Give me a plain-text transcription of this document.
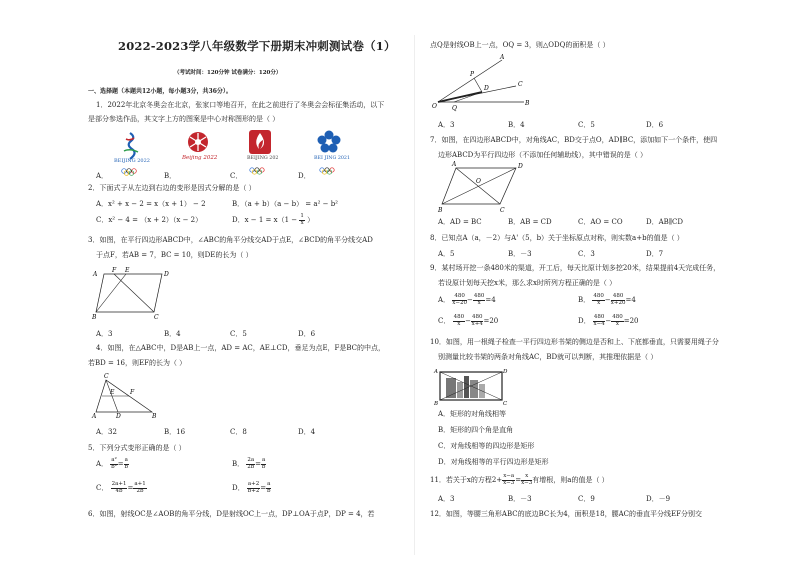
2022-2023学八年级数学下册期末冲刺测试卷（1）
（考试时间：120分钟 试卷满分：120分）
一、选择题（本题共12小题，每小题3分，共36分）。
1．2022年北京冬奥会在北京，张家口等地召开，在此之前进行了冬奥会会标征集活动，以下
是部分参选作品，其文字上方的图案是中心对称图形的是（ ）
BEIJING 2022	Beijing 2022	BEIJING 202	BEI JING 2021
A．	B．	C．	D．
2．下面式子从左边到右边的变形是因式分解的是（ ）
A．x² + x − 2 = x（x + 1） − 2	B．（a + b）（a − b） = a² − b²
C．x² − 4 = （x + 2）（x − 2）	D．$x - 1 = x(1 - \frac{1}{x}$ ）
3．如图，在平行四边形ABCD中，∠ABC的角平分线交AD于点E，∠BCD的角平分线交AD
于点F，若AB = 7，BC = 10，则DE的长为（ ）
A
F E
D
B	C
A．3	B．4	C．5	D．6
4．如图，在△ABC中，D是AB上一点，AD = AC，AE⊥CD，垂足为点E，F是BC的中点，
若BD = 16，则EF的长为（ ）
C
E	F
A	D	B
A．32	B．16	C．8	D．4
5．下列分式变形正确的是（ ）
A． $\frac{\text{a²}}{\text{b²}} = \frac{a}{b}$	B． $\frac{2a}{2b} = \frac{a}{b}$
C． $\frac{2a+1}{4b} = \frac{a+1}{2b}$	D． $\frac{a+2}{b+2} = \frac{a}{b}$
6．如图，射线OC是∠AOB的角平分线，D是射线OC上一点，DP⊥OA于点P，DP = 4，若
点Q是射线OB上一点，OQ = 3，则△ODQ的面积是（ ）
A
P
D
C
O	Q
B
A．3	B．4	C．5	D．6
7．如图，在四边形ABCD中，对角线AC，BD交于点O，AD∥BC，添加如下一个条件，使四
边形ABCD为平行四边形（不添加任何辅助线），其中错误的是（ ）
A	D
O
B	C
A．AD = BC	B．AB = CD	C．AO = CO	D．AB∥CD
8．已知点A（a，－2）与A'（5，b）关于坐标原点对称，则实数a+b的值是（ ）
A．5	B．－3	C．3	D．7
9．某村场开挖一条480米的渠道，开工后，每天比原计划多挖20米，结果提前4天完成任务，
若设原计划每天挖x米，那么求x时所列方程正确的是（ ）
A． $\frac{480}{x-20} - \frac{480}{x} =4$	B． $\frac{480}{x} - \frac{480}{x+20} =4$
C． $\frac{480}{x} - \frac{480}{x+4} =20$	D． $\frac{480}{x-4} - \frac{480}{x} =20$
10．如图，用一根绳子检查一平行四边形书架的侧边是否和上、下底都垂直，只需要用绳子分
别测量比较书架的两条对角线AC，BD就可以判断，其推理依据是（ ）
A	D
B	C
A．矩形的对角线相等
B．矩形的四个角是直角
C．对角线相等的四边形是矩形
D．对角线相等的平行四边形是矩形
11．若关于x的方程$2+ \frac{x-a}{x-3} = \frac{x}{x-3}$ 有增根，则a的值是（ ）
A．3	B．－3	C．9	D．－9
12．如图，等腰三角形ABC的底边BC长为4，面积是18，腰AC的垂直平分线EF分别交
